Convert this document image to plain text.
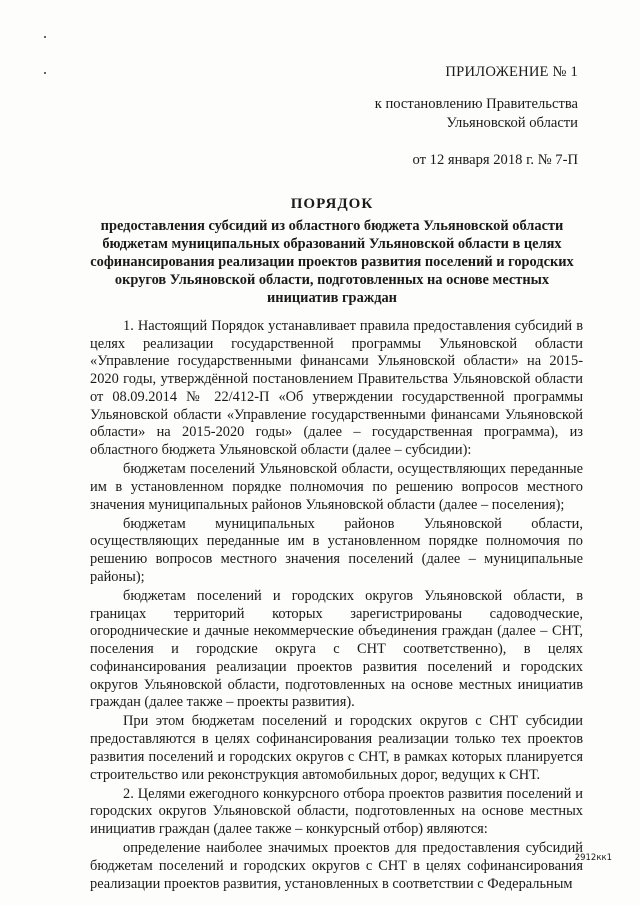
ПРИЛОЖЕНИЕ № 1
к постановлению Правительства
Ульяновской области
от 12 января 2018 г. № 7-П
ПОРЯДОК
предоставления субсидий из областного бюджета Ульяновской области бюджетам муниципальных образований Ульяновской области в целях софинансирования реализации проектов развития поселений и городских округов Ульяновской области, подготовленных на основе местных инициатив граждан

1. Настоящий Порядок устанавливает правила предоставления субсидий в целях реализации государственной программы Ульяновской области «Управление государственными финансами Ульяновской области» на 2015-2020 годы, утверждённой постановлением Правительства Ульяновской области от 08.09.2014 № 22/412-П «Об утверждении государственной программы Ульяновской области «Управление государственными финансами Ульяновской области» на 2015-2020 годы» (далее – государственная программа), из областного бюджета Ульяновской области (далее – субсидии):

бюджетам поселений Ульяновской области, осуществляющих переданные им в установленном порядке полномочия по решению вопросов местного значения муниципальных районов Ульяновской области (далее – поселения);

бюджетам муниципальных районов Ульяновской области, осуществляющих переданные им в установленном порядке полномочия по решению вопросов местного значения поселений (далее – муниципальные районы);

бюджетам поселений и городских округов Ульяновской области, в границах территорий которых зарегистрированы садоводческие, огороднические и дачные некоммерческие объединения граждан (далее – СНТ, поселения и городские округа с СНТ соответственно), в целях софинансирования реализации проектов развития поселений и городских округов Ульяновской области, подготовленных на основе местных инициатив граждан (далее также – проекты развития).

При этом бюджетам поселений и городских округов с СНТ субсидии предоставляются в целях софинансирования реализации только тех проектов развития поселений и городских округов с СНТ, в рамках которых планируется строительство или реконструкция автомобильных дорог, ведущих к СНТ.

2. Целями ежегодного конкурсного отбора проектов развития поселений и городских округов Ульяновской области, подготовленных на основе местных инициатив граждан (далее также – конкурсный отбор) являются:

определение наиболее значимых проектов для предоставления субсидий бюджетам поселений и городских округов с СНТ в целях софинансирования реализации проектов развития, установленных в соответствии с Федеральным

2912кк1
